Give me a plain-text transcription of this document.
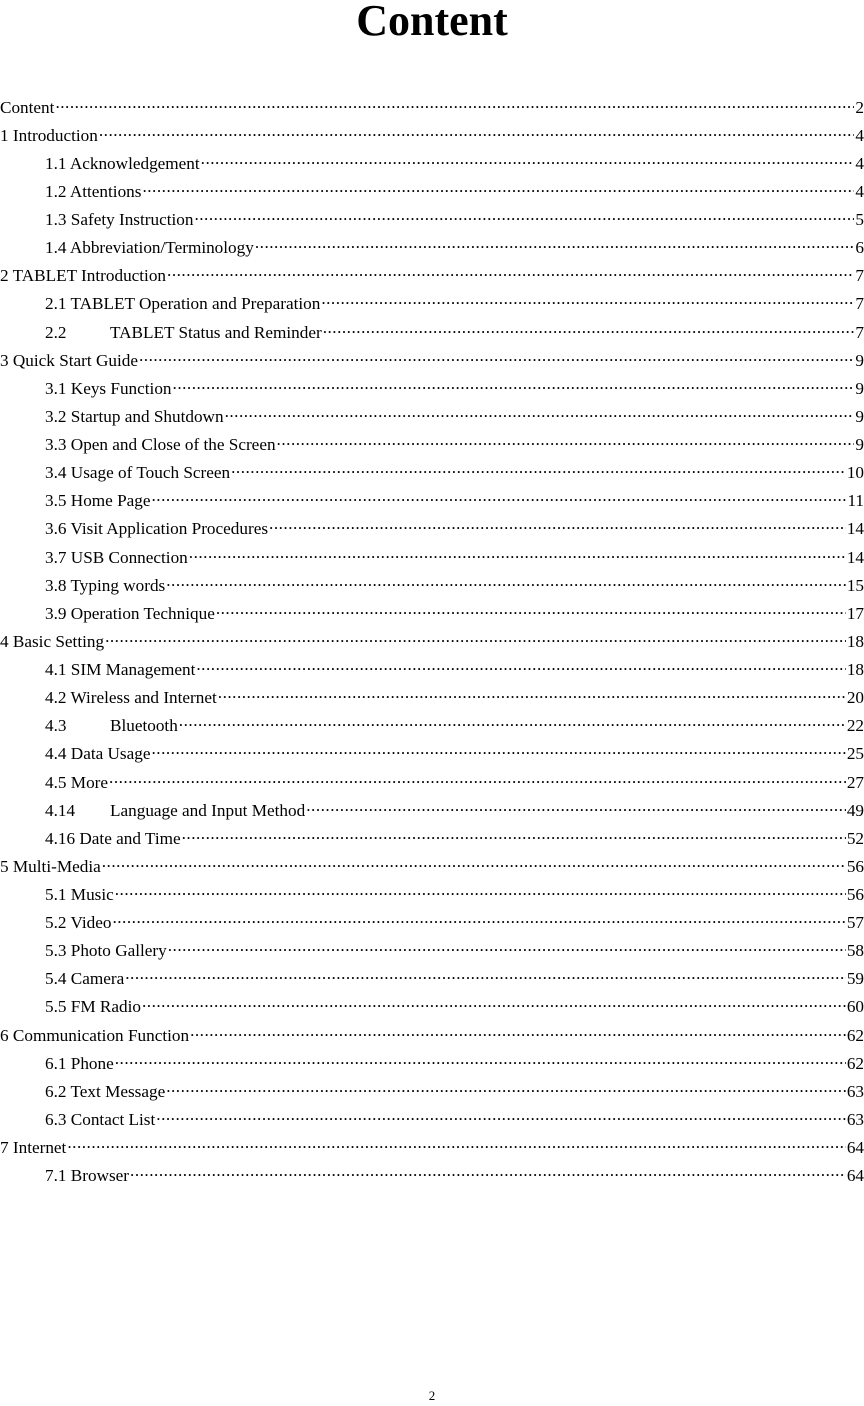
Content
Content .....	2
1 Introduction .....	4
1.1 Acknowledgement .....	4
1.2 Attentions .....	4
1.3 Safety Instruction .....	5
1.4 Abbreviation/Terminology .....	6
2 TABLET Introduction .....	7
2.1 TABLET Operation and Preparation .....	7
2.2	TABLET Status and Reminder .....	7
3 Quick Start Guide .....	9
3.1 Keys Function .....	9
3.2 Startup and Shutdown .....	9
3.3 Open and Close of the Screen .....	9
3.4 Usage of Touch Screen .....	10
3.5 Home Page .....	11
3.6 Visit Application Procedures .....	14
3.7 USB Connection .....	14
3.8 Typing words .....	15
3.9 Operation Technique .....	17
4 Basic Setting .....	18
4.1 SIM Management .....	18
4.2 Wireless and Internet .....	20
4.3	Bluetooth .....	22
4.4 Data Usage .....	25
4.5 More .....	27
4.14 Language and Input Method .....	49
4.16 Date and Time .....	52
5 Multi-Media .....	56
5.1 Music .....	56
5.2 Video .....	57
5.3 Photo Gallery .....	58
5.4 Camera .....	59
5.5 FM Radio .....	60
6 Communication Function .....	62
6.1 Phone .....	62
6.2 Text Message .....	63
6.3 Contact List .....	63
7 Internet .....	64
7.1 Browser .....	64
2
